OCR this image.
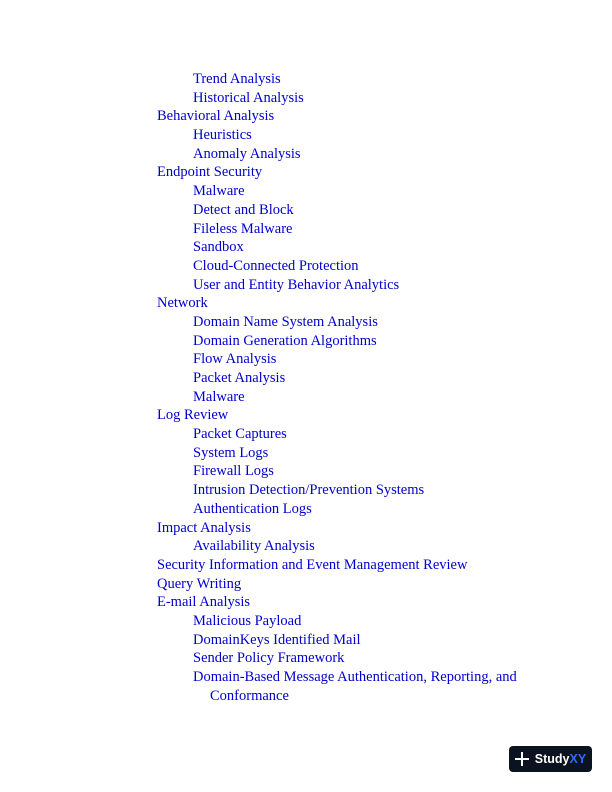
Trend Analysis
Historical Analysis
Behavioral Analysis
Heuristics
Anomaly Analysis
Endpoint Security
Malware
Detect and Block
Fileless Malware
Sandbox
Cloud-Connected Protection
User and Entity Behavior Analytics
Network
Domain Name System Analysis
Domain Generation Algorithms
Flow Analysis
Packet Analysis
Malware
Log Review
Packet Captures
System Logs
Firewall Logs
Intrusion Detection/Prevention Systems
Authentication Logs
Impact Analysis
Availability Analysis
Security Information and Event Management Review
Query Writing
E-mail Analysis
Malicious Payload
DomainKeys Identified Mail
Sender Policy Framework
Domain-Based Message Authentication, Reporting, and
Conformance
StudyXY
